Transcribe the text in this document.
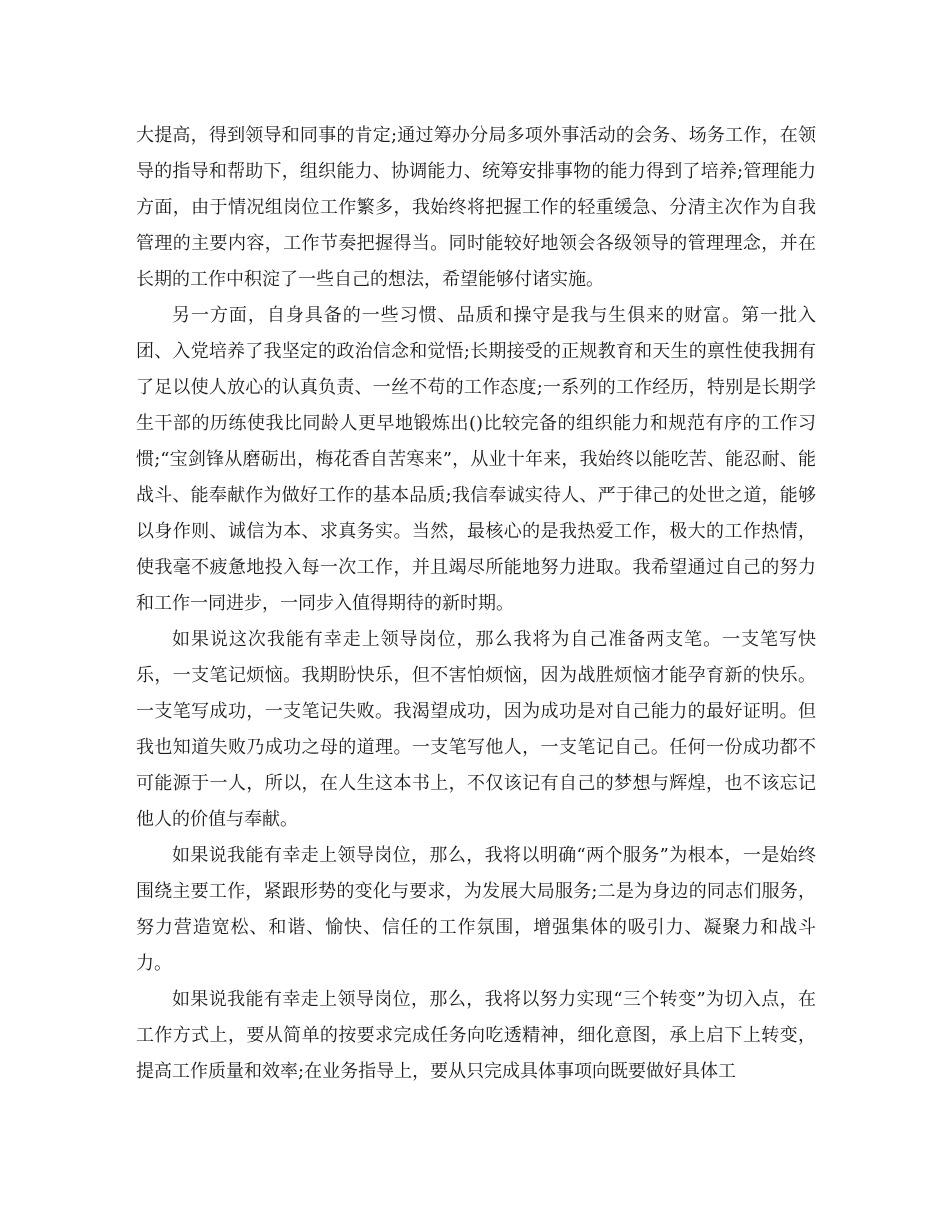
大提高，得到领导和同事的肯定;通过筹办分局多项外事活动的会务、场务工作，在领导的指导和帮助下，组织能力、协调能力、统筹安排事物的能力得到了培养;管理能力方面，由于情况组岗位工作繁多，我始终将把握工作的轻重缓急、分清主次作为自我管理的主要内容，工作节奏把握得当。同时能较好地领会各级领导的管理理念，并在长期的工作中积淀了一些自己的想法，希望能够付诸实施。

另一方面，自身具备的一些习惯、品质和操守是我与生俱来的财富。第一批入团、入党培养了我坚定的政治信念和觉悟;长期接受的正规教育和天生的禀性使我拥有了足以使人放心的认真负责、一丝不苟的工作态度;一系列的工作经历，特别是长期学生干部的历练使我比同龄人更早地锻炼出()比较完备的组织能力和规范有序的工作习惯;“宝剑锋从磨砺出，梅花香自苦寒来”，从业十年来，我始终以能吃苦、能忍耐、能战斗、能奉献作为做好工作的基本品质;我信奉诚实待人、严于律己的处世之道，能够以身作则、诚信为本、求真务实。当然，最核心的是我热爱工作，极大的工作热情，使我毫不疲惫地投入每一次工作，并且竭尽所能地努力进取。我希望通过自己的努力和工作一同进步，一同步入值得期待的新时期。

如果说这次我能有幸走上领导岗位，那么我将为自己准备两支笔。一支笔写快乐，一支笔记烦恼。我期盼快乐，但不害怕烦恼，因为战胜烦恼才能孕育新的快乐。一支笔写成功，一支笔记失败。我渴望成功，因为成功是对自己能力的最好证明。但我也知道失败乃成功之母的道理。一支笔写他人，一支笔记自己。任何一份成功都不可能源于一人，所以，在人生这本书上，不仅该记有自己的梦想与辉煌，也不该忘记他人的价值与奉献。

如果说我能有幸走上领导岗位，那么，我将以明确“两个服务”为根本，一是始终围绕主要工作，紧跟形势的变化与要求，为发展大局服务;二是为身边的同志们服务，努力营造宽松、和谐、愉快、信任的工作氛围，增强集体的吸引力、凝聚力和战斗力。

如果说我能有幸走上领导岗位，那么，我将以努力实现“三个转变”为切入点，在工作方式上，要从简单的按要求完成任务向吃透精神，细化意图，承上启下上转变，提高工作质量和效率;在业务指导上，要从只完成具体事项向既要做好具体工
